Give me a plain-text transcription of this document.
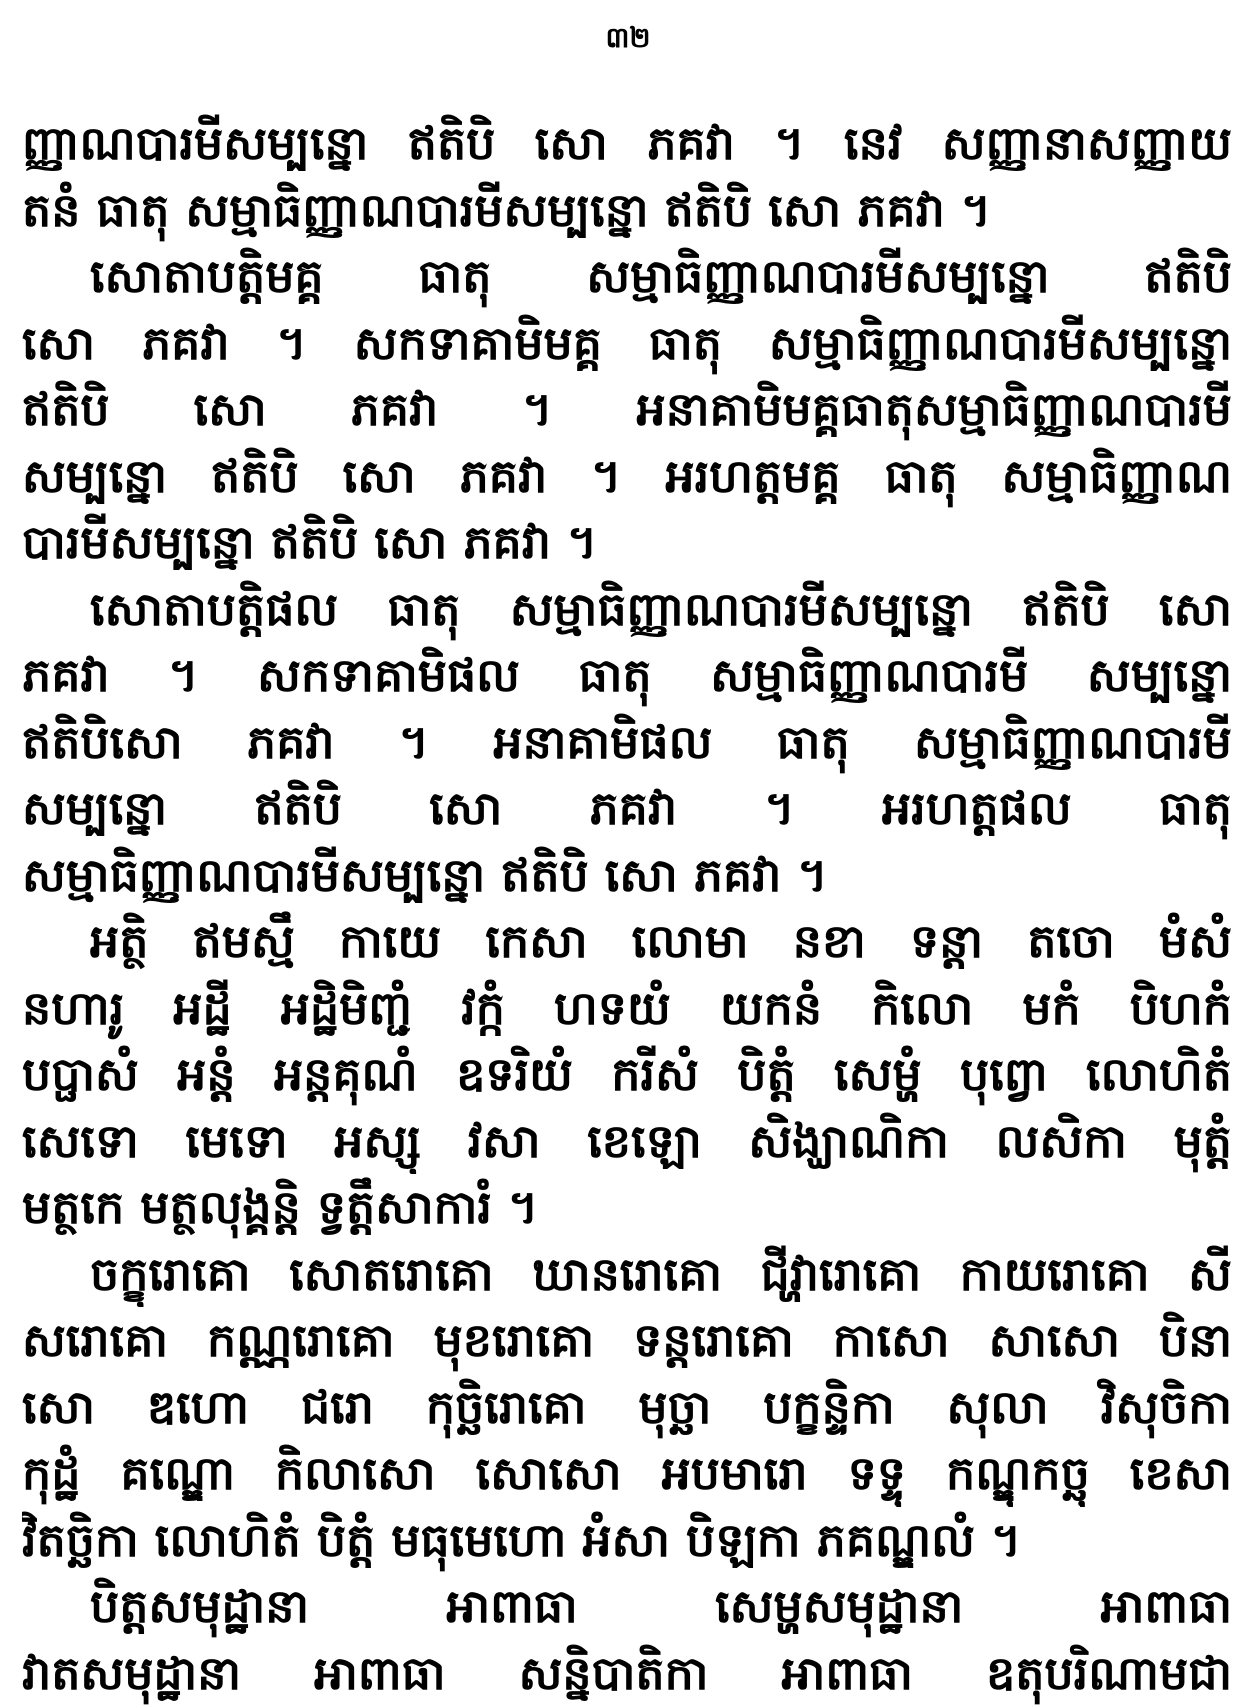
៣២
ញ្ញាណបារមីសម្បន្នោ ឥតិបិ សោ ភគវា ។ នេវ សញ្ញានាសញ្ញាយ
តនំ ធាតុ សម្មាធិញ្ញាណបារមីសម្បន្នោ ឥតិបិ សោ ភគវា ។
សោតាបត្តិមគ្គ ធាតុ សម្មាធិញ្ញាណបារមីសម្បន្នោ ឥតិបិ
សោ ភគវា ។ សកទាគាមិមគ្គ ធាតុ សម្មាធិញ្ញាណបារមីសម្បន្នោ
ឥតិបិ សោ ភគវា ។ អនាគាមិមគ្គធាតុសម្មាធិញ្ញាណបារមី
សម្បន្នោ ឥតិបិ សោ ភគវា ។ អរហត្តមគ្គ ធាតុ សម្មាធិញ្ញាណ
បារមីសម្បន្នោ ឥតិបិ សោ ភគវា ។
សោតាបត្តិផល ធាតុ សម្មាធិញ្ញាណបារមីសម្បន្នោ ឥតិបិ សោ
ភគវា ។ សកទាគាមិផល ធាតុ សម្មាធិញ្ញាណបារមី សម្បន្នោ
ឥតិបិសោ ភគវា ។ អនាគាមិផល ធាតុ សម្មាធិញ្ញាណបារមី
សម្បន្នោ ឥតិបិ សោ ភគវា ។ អរហត្តផល ធាតុ
សម្មាធិញ្ញាណបារមីសម្បន្នោ ឥតិបិ សោ ភគវា ។
អត្ថិ ឥមស្មឹ កាយេ កេសា លោមា នខា ទន្តា តចោ មំសំ
នហារូ អដ្ឋី អដ្ឋិមិញ្ជំ វក្កំ ហទយំ យកនំ កិលោ មកំ បិហកំ
បប្ផាសំ អន្តំ អន្តគុណំ ឧទរិយំ ករីសំ បិត្តំ សេម្ហំ បុព្វោ លោហិតំ
សេទោ មេទោ អស្សុ វសា ខេឡោ សិង្ឃាណិកា លសិកា មុត្តំ
មត្ថកេ មត្ថលុង្គន្តិ ទ្វត្តឹសាការំ ។
ចក្ខុរោគោ សោតរោគោ ឃានរោគោ ជីវ្ហារោគោ កាយរោគោ សី
សរោគោ កណ្ណរោគោ មុខរោគោ ទន្តរោគោ កាសោ សាសោ បិនា
សោ ឌហោ ជរោ កុច្ឆិរោគោ មុច្ឆា បក្ខន្ទិកា សុលា វិសុចិកា
កុដ្ឋំ គណ្ឌោ កិលាសោ សោសោ អបមារោ ទទ្ទុ កណ្ឌុកច្ឆុ ខេសា
វិតច្ឆិកា លោហិតំ បិត្តំ មធុមេហោ អំសា បិឡកា ភគណ្ឌលំ ។
បិត្តសមុដ្ឋានា អាពាធា សេម្ហសមុដ្ឋានា អាពាធា
វាតសមុដ្ឋានា អាពាធា សន្និបាតិកា អាពាធា ឧតុបរិណាមជា
